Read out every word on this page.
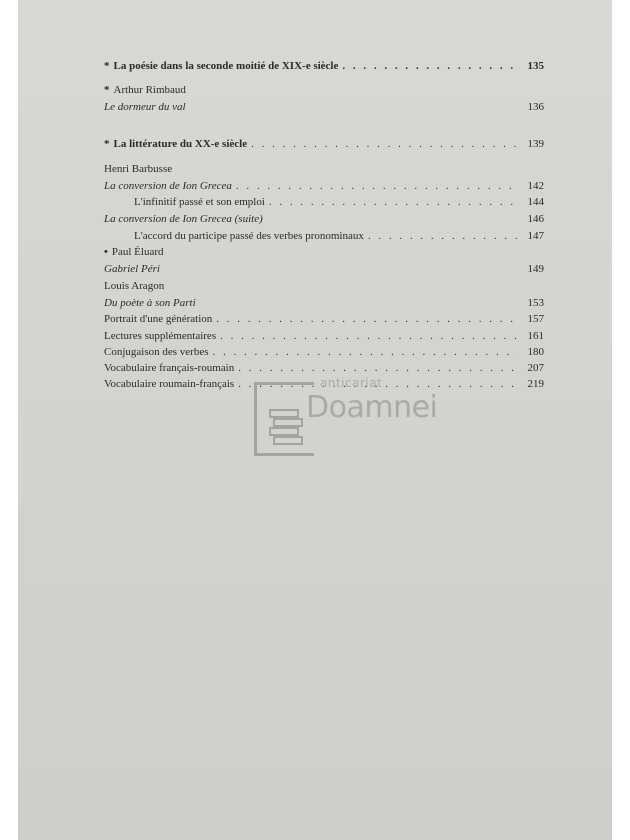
* La poésie dans la seconde moitié de XIX-e siècle . . .	135
* Arthur Rimbaud
Le dormeur du val	136
* La littérature du XX-e siècle . . .	139
Henri Barbusse
La conversion de Ion Grecea . . .	142
L'infinitif passé et son emploi . . .	144
La conversion de Ion Grecea (suite)	146
L'accord du participe passé des verbes pronominaux . . .	147
• Paul Éluard
Gabriel Péri	149
Louis Aragon
Du poète à son Parti	153
Portrait d'une génération . . .	157
Lectures supplémentaires . . .	161
Conjugaison des verbes . . .	180
Vocabulaire français-roumain . . .	207
Vocabulaire roumain-français . . .	219
anticariat
Doamnei
